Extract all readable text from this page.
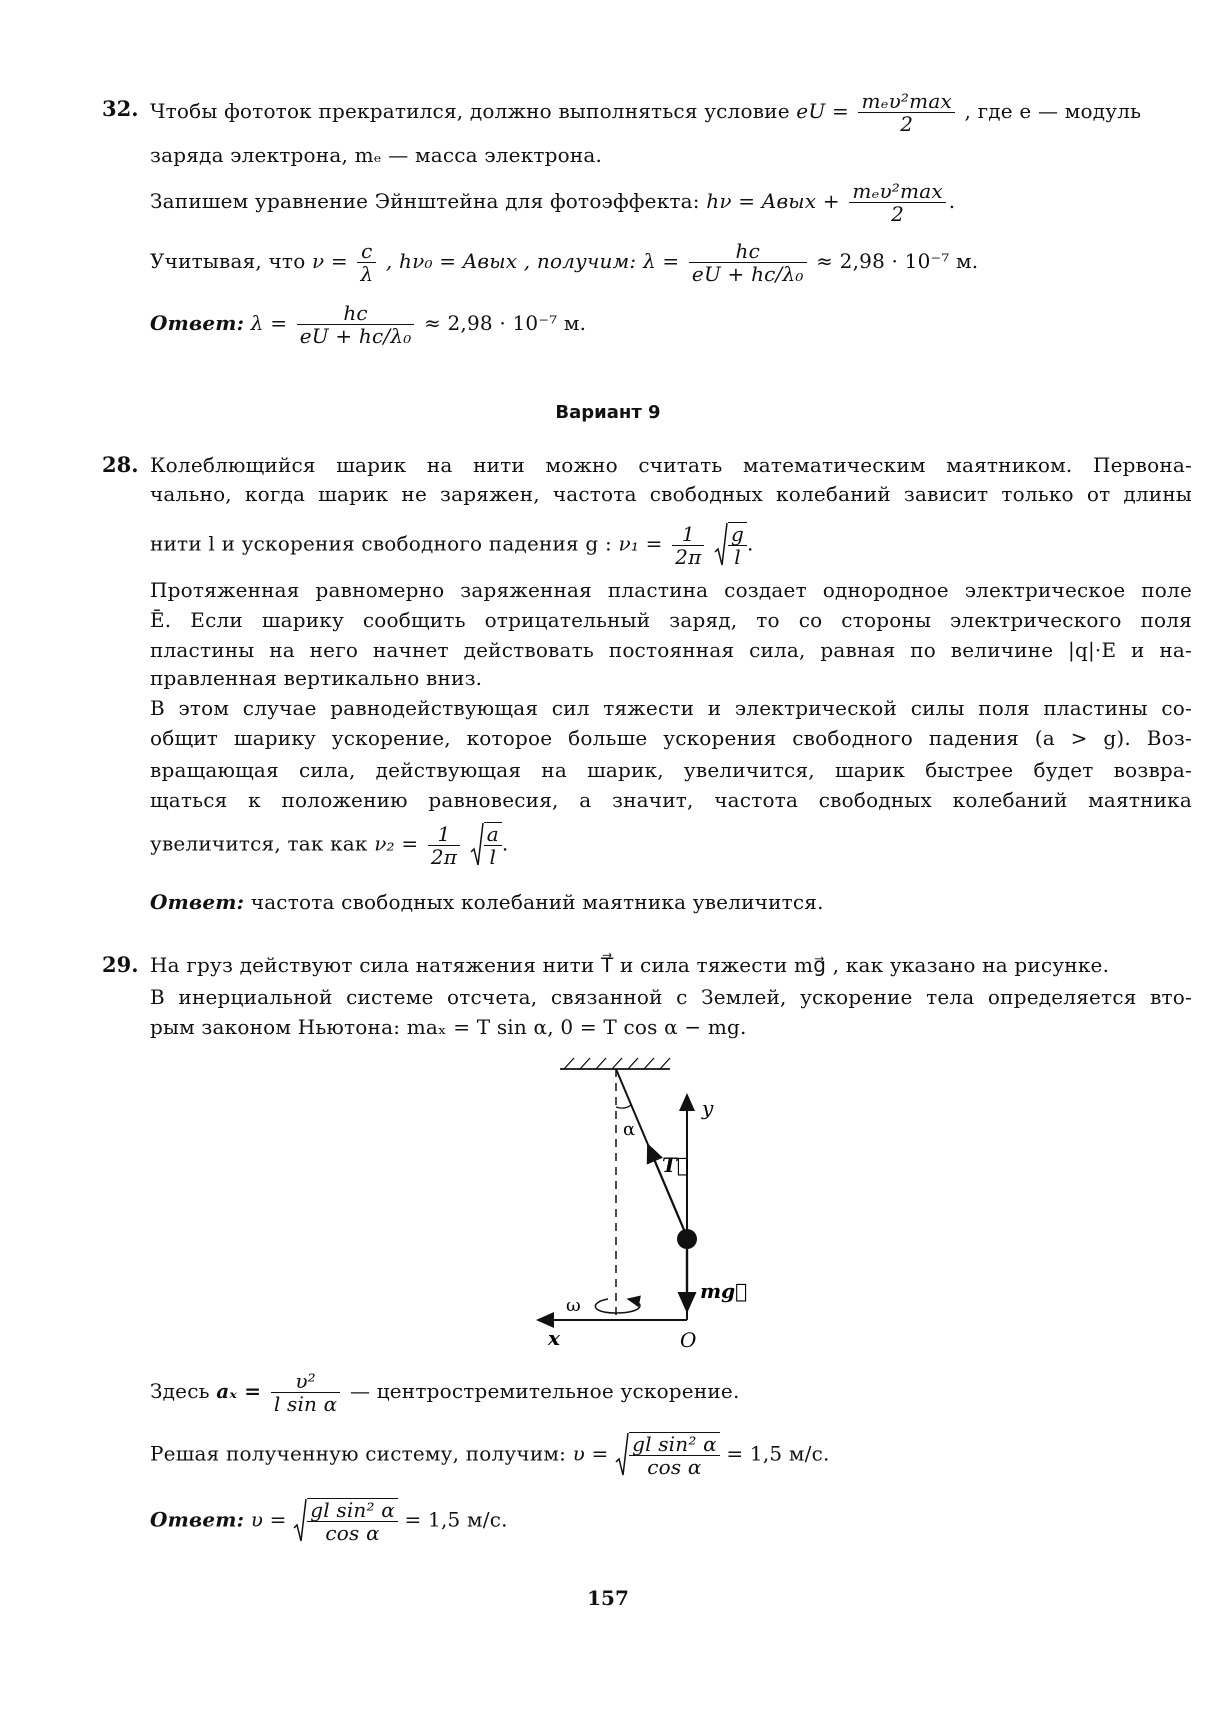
32. Чтобы фототок прекратился, должно выполняться условие eU = $\frac{\text{mₑυ²max}}{2}$ , где e — модуль
заряда электрона, mₑ — масса электрона.
Запишем уравнение Эйнштейна для фотоэффекта: hν = Aвых + $\frac{\text{mₑυ²max}}{2}$ .
Учитывая, что $\nu = \frac{c}{\lambda}$ , hν₀ = Aвых , получим: $\lambda = \frac{hc}{\text{eU + hc/λ₀}} \approx 2,98 \cdot 10^{-7}$ м.
Ответ: $\lambda = \frac{hc}{\text{eU + hc/λ₀}} \approx 2,98 \cdot 10^{-7}$ м.
Вариант 9
28. Колеблющийся шарик на нити можно считать математическим маятником. Первона-
чально, когда шарик не заряжен, частота свободных колебаний зависит только от длины
нити l и ускорения свободного падения g : $\nu_1 = \frac{1}{2\pi}$
$\frac{g}{l}$ .
Протяженная равномерно заряженная пластина создает однородное электрическое поле
Ē. Если шарику сообщить отрицательный заряд, то со стороны электрического поля
пластины на него начнет действовать постоянная сила, равная по величине |q|·E и на-
правленная вертикально вниз.
В этом случае равнодействующая сил тяжести и электрической силы поля пластины со-
общит шарику ускорение, которое больше ускорения свободного падения (a > g). Воз-
вращающая сила, действующая на шарик, увеличится, шарик быстрее будет возвра-
щаться к положению равновесия, а значит, частота свободных колебаний маятника
увеличится, так как $\nu_2 = \frac{1}{2\pi}$
$\frac{a}{l}$ .
Ответ: частота свободных колебаний маятника увеличится.
29. На груз действуют сила натяжения нити T⃗ и сила тяжести mg⃗ , как указано на рисунке.
В инерциальной системе отсчета, связанной с Землей, ускорение тела определяется вто-
рым законом Ньютона: maₓ = T sin α, 0 = T cos α − mg.
y
x	O
α
T⃗
mg⃗
ω
Здесь $a_x = \frac{\text{υ²}}{\text{l sin α}}$ — центростремительное ускорение.
Решая полученную систему, получим: $\upsilon = \frac{\text{gl sin² α}}{\text{cos α}} = 1,5$ м/с.
Ответ: $\upsilon = \frac{\text{gl sin² α}}{\text{cos α}} = 1,5$ м/с.
157
